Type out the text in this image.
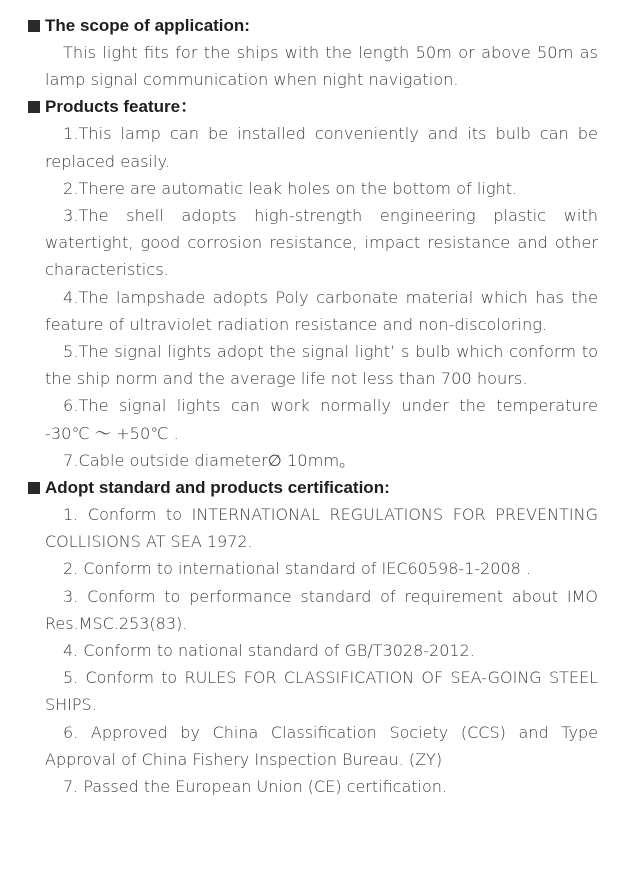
The scope of application:

This light fits for the ships with the length 50m or above 50m as lamp signal communication when night navigation.

Products feature：

1.This lamp can be installed conveniently and its bulb can be replaced easily.

2.There are automatic leak holes on the bottom of light.

3.The shell adopts high-strength engineering plastic with watertight, good corrosion resistance, impact resistance and other characteristics.

4.The lampshade adopts Poly carbonate material which has the feature of ultraviolet radiation resistance and non-discoloring.

5.The signal lights adopt the signal light’ s bulb which conform to the ship norm and the average life not less than 700 hours.

6.The signal lights can work normally under the temperature -30℃ ～ +50℃ .

7.Cable outside diameter∅ 10mm。

Adopt standard and products certification:

1. Conform to INTERNATIONAL REGULATIONS FOR PREVENTING COLLISIONS AT SEA 1972.

2. Conform to international standard of IEC60598-1-2008 .

3. Conform to performance standard of requirement about IMO Res.MSC.253(83).

4. Conform to national standard of GB/T3028-2012.

5. Conform to RULES FOR CLASSIFICATION OF SEA-GOING STEEL SHIPS.

6. Approved by China Classification Society (CCS) and Type Approval of China Fishery Inspection Bureau. (ZY)

7. Passed the European Union (CE) certification.
